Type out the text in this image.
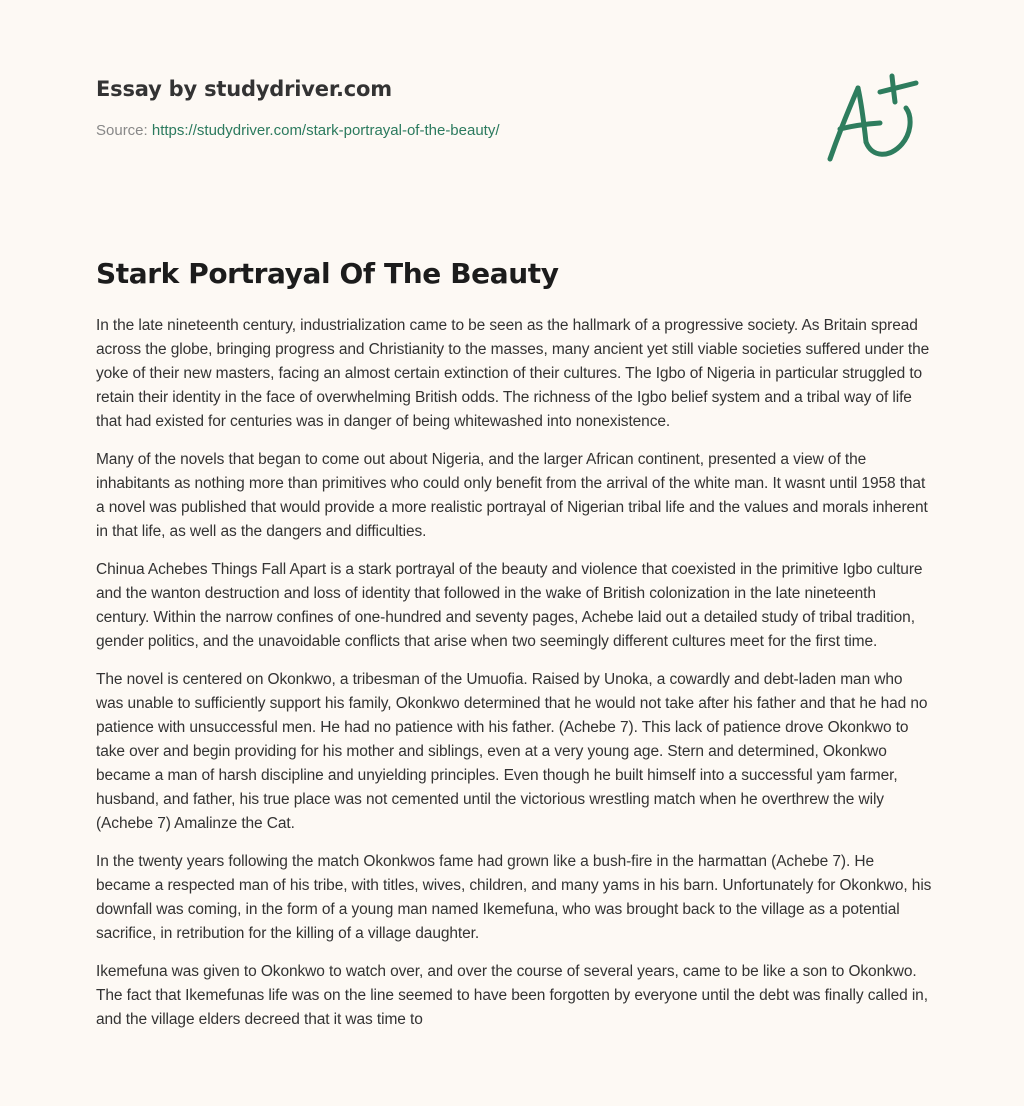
Essay by studydriver.com
Source: https://studydriver.com/stark-portrayal-of-the-beauty/
Stark Portrayal Of The Beauty

In the late nineteenth century, industrialization came to be seen as the hallmark of a progressive society. As Britain spread across the globe, bringing progress and Christianity to the masses, many ancient yet still viable societies suffered under the yoke of their new masters, facing an almost certain extinction of their cultures. The Igbo of Nigeria in particular struggled to retain their identity in the face of overwhelming British odds. The richness of the Igbo belief system and a tribal way of life that had existed for centuries was in danger of being whitewashed into nonexistence.

Many of the novels that began to come out about Nigeria, and the larger African continent, presented a view of the inhabitants as nothing more than primitives who could only benefit from the arrival of the white man. It wasnt until 1958 that a novel was published that would provide a more realistic portrayal of Nigerian tribal life and the values and morals inherent in that life, as well as the dangers and difficulties.

Chinua Achebes Things Fall Apart is a stark portrayal of the beauty and violence that coexisted in the primitive Igbo culture and the wanton destruction and loss of identity that followed in the wake of British colonization in the late nineteenth century. Within the narrow confines of one-hundred and seventy pages, Achebe laid out a detailed study of tribal tradition, gender politics, and the unavoidable conflicts that arise when two seemingly different cultures meet for the first time.

The novel is centered on Okonkwo, a tribesman of the Umuofia. Raised by Unoka, a cowardly and debt-laden man who was unable to sufficiently support his family, Okonkwo determined that he would not take after his father and that he had no patience with unsuccessful men. He had no patience with his father. (Achebe 7). This lack of patience drove Okonkwo to take over and begin providing for his mother and siblings, even at a very young age. Stern and determined, Okonkwo became a man of harsh discipline and unyielding principles. Even though he built himself into a successful yam farmer, husband, and father, his true place was not cemented until the victorious wrestling match when he overthrew the wily (Achebe 7) Amalinze the Cat.

In the twenty years following the match Okonkwos fame had grown like a bush-fire in the harmattan (Achebe 7). He became a respected man of his tribe, with titles, wives, children, and many yams in his barn. Unfortunately for Okonkwo, his downfall was coming, in the form of a young man named Ikemefuna, who was brought back to the village as a potential sacrifice, in retribution for the killing of a village daughter.

Ikemefuna was given to Okonkwo to watch over, and over the course of several years, came to be like a son to Okonkwo. The fact that Ikemefunas life was on the line seemed to have been forgotten by everyone until the debt was finally called in, and the village elders decreed that it was time to
